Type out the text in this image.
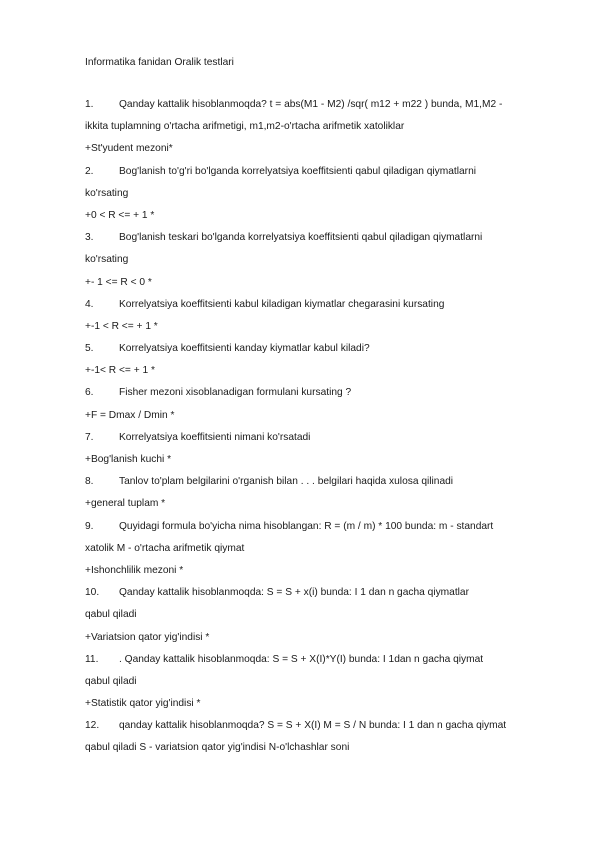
Informatika fanidan Oralik testlari
1.	Qanday kattalik hisoblanmoqda? t = abs(M1 - M2) /sqr( m12 + m22 ) bunda, M1,M2 -
ikkita tuplamning o'rtacha arifmetigi, m1,m2-o'rtacha arifmetik xatoliklar
+St'yudent mezoni*
2.	Bog'lanish to'g'ri bo'lganda korrelyatsiya koeffitsienti qabul qiladigan qiymatlarni
ko'rsating
+0 < R <= + 1 *
3.	Bog'lanish teskari bo'lganda korrelyatsiya koeffitsienti qabul qiladigan qiymatlarni
ko'rsating
+- 1 <= R < 0 *
4.	Korrelyatsiya koeffitsienti kabul kiladigan kiymatlar chegarasini kursating
+-1 < R <= + 1 *
5.	Korrelyatsiya koeffitsienti kanday kiymatlar kabul kiladi?
+-1< R <= + 1 *
6.	Fisher mezoni xisoblanadigan formulani kursating ?
+F = Dmax / Dmin *
7.	Korrelyatsiya koeffitsienti nimani ko'rsatadi
+Bog'lanish kuchi *
8.	Tanlov to'plam belgilarini o'rganish bilan . . . belgilari haqida xulosa qilinadi
+general tuplam *
9.	Quyidagi formula bo'yicha nima hisoblangan: R = (m / m) * 100 bunda: m - standart
xatolik M - o'rtacha arifmetik qiymat
+Ishonchlilik mezoni *
10. Qanday kattalik hisoblanmoqda: S = S + x(i) bunda: I 1 dan n gacha qiymatlar
qabul qiladi
+Variatsion qator yig'indisi *
11. . Qanday kattalik hisoblanmoqda: S = S + X(I)*Y(I) bunda: I 1dan n gacha qiymat
qabul qiladi
+Statistik qator yig'indisi *
12. qanday kattalik hisoblanmoqda? S = S + X(I) M = S / N bunda: I 1 dan n gacha qiymat
qabul qiladi S - variatsion qator yig'indisi N-o'lchashlar soni
